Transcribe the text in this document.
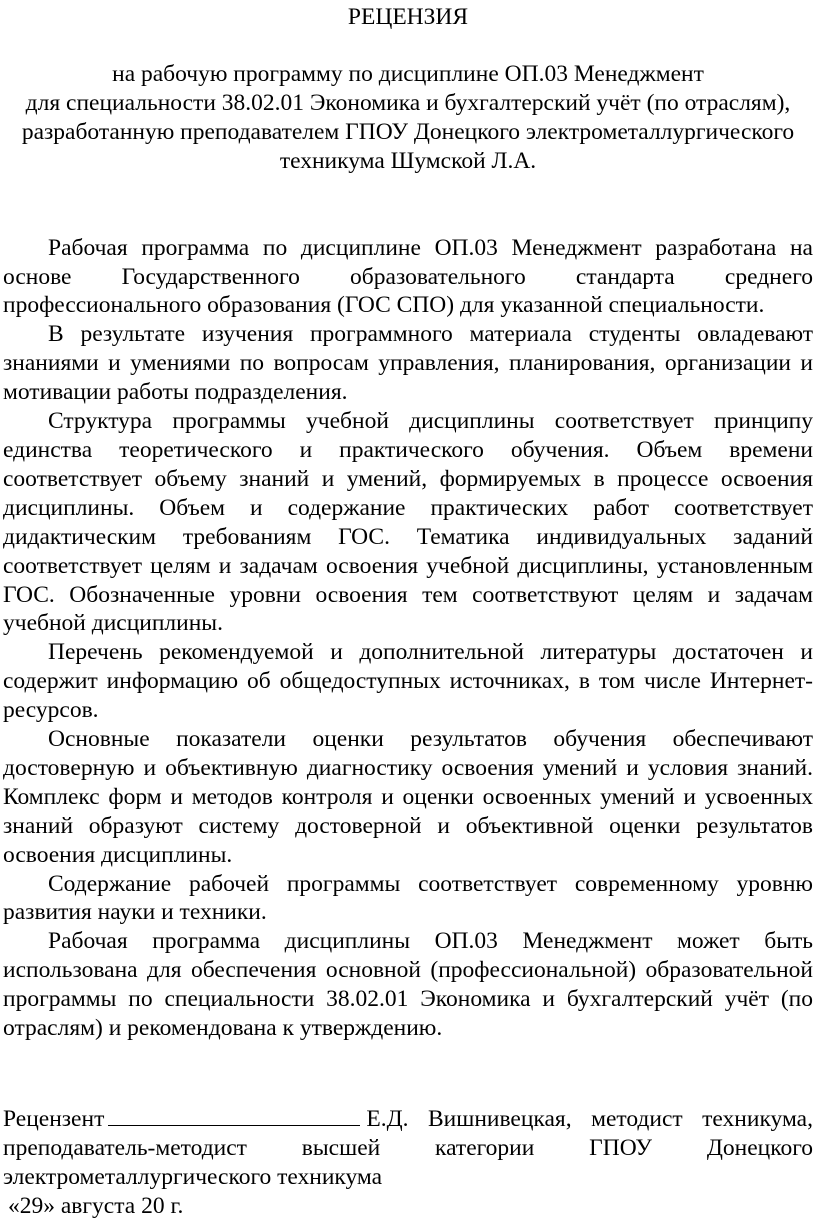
РЕЦЕНЗИЯ
на рабочую программу по дисциплине ОП.03 Менеджмент
для специальности 38.02.01 Экономика и бухгалтерский учёт (по отраслям),
разработанную преподавателем ГПОУ Донецкого электрометаллургического
техникума Шумской Л.А.

Рабочая программа по дисциплине ОП.03 Менеджмент разработана на основе Государственного образовательного стандарта среднего профессионального образования (ГОС СПО) для указанной специальности.

В результате изучения программного материала студенты овладевают знаниями и умениями по вопросам управления, планирования, организации и мотивации работы подразделения.

Структура программы учебной дисциплины соответствует принципу единства теоретического и практического обучения. Объем времени соответствует объему знаний и умений, формируемых в процессе освоения дисциплины. Объем и содержание практических работ соответствует дидактическим требованиям ГОС. Тематика индивидуальных заданий соответствует целям и задачам освоения учебной дисциплины, установленным ГОС. Обозначенные уровни освоения тем соответствуют целям и задачам учебной дисциплины.

Перечень рекомендуемой и дополнительной литературы достаточен и содержит информацию об общедоступных источниках, в том числе Интернет-ресурсов.

Основные показатели оценки результатов обучения обеспечивают достоверную и объективную диагностику освоения умений и условия знаний. Комплекс форм и методов контроля и оценки освоенных умений и усвоенных знаний образуют систему достоверной и объективной оценки результатов освоения дисциплины.

Содержание рабочей программы соответствует современному уровню развития науки и техники.

Рабочая программа дисциплины ОП.03 Менеджмент может быть использована для обеспечения основной (профессиональной) образовательной программы по специальности 38.02.01 Экономика и бухгалтерский учёт (по отраслям) и рекомендована к утверждению.

Рецензент	Е.Д. Вишнивецкая, методист техникума,
преподаватель-методист высшей категории ГПОУ Донецкого
электрометаллургического техникума
«29» августа 20 г.
